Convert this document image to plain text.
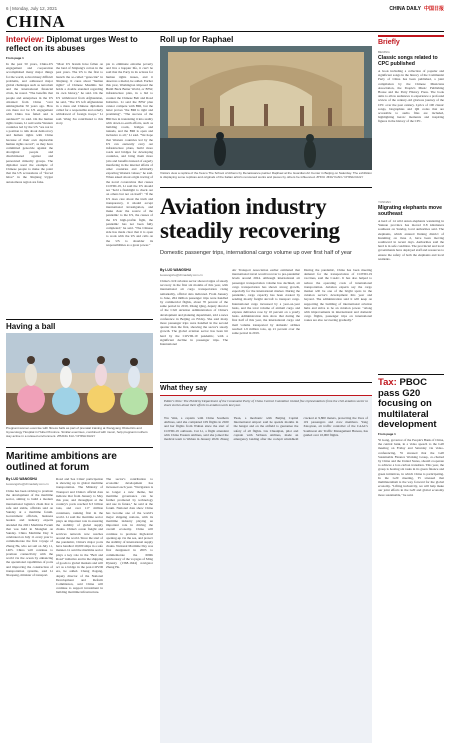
6 | Monday, July 12, 2021	CHINA DAILY 中国日报
CHINA
Interview: Diplomat urges West to reflect on its abuses
From page 1
In the past 50 years, China-US engagement and cooperation accomplished many major things for the world, solved many difficult problems, and addressed major global challenges such as terrorism and the international financial crisis, he noted. "The benefits that people and enterprises in the US obtained from China "over unimaginable 50 years ago. How can there not be US engagement with China has failed and is outdated?" Li said. On the human rights issues, Li said some Western countries led by the US "are not in a position to talk about democracy and human rights with China because of their own deplorable human rights record", as they have committed genocide against the aboriginal people and discriminated against and persecuted minority groups. The diplomat used the example of Chinese people to make the point that the US accusations of "forced labor" in the Xinjiang Uygur autonomous region are false.
"Most US brands have fallen on the land of Xinjiang's cotton in the past years. The US is the first to launch the so-called "genocide" in Xinjiang. It cares about "human rights" of Chinese Muslims but holds a double standard regarding its own history," he said. On the US withdrawal from Afghanistan, he said, "The US left Afghanistan in a mess and Chinese diplomats called for a responsible and orderly withdrawal of foreign troops." Li said. Wang Xu contributed to this story.
ple to eliminate extreme poverty and live a happier life, it can't be said that the Party in its actions for human rights issues, and it deserves a medal, he added. Earlier this year, Washington imposed the Build Back Better World, or B3W, infrastructure plan, in a bid to counter the Chinese Belt and Road Initiative. Li said the B3W plan cannot compete with BRI, but the latter proves "the BRI is right and promising". "The success of the BRI lies in translating it into reality with down-to-earth efforts, such as building roads, bridges and tunnels, and the BRI is open and inclusive to all," Li said. "We hope that Western countries led by the US can earnestly carry out infrastructure plans, build more roads and bridges for developing countries, and bring them more jobs and benefits instead of eagerly interfering in the internal affairs of other countries and arbitrarily exporting Western values," he said. When asked about origin tracing of the novel coronavirus that causes COVID-19, Li said the US should not "hold a flashlight to check out on others but not on itself". "If the US does care about the truth and transparency, it should accept international investigation, and make clear the source of the pandemic to the US, the causes of the US high-profile fight, the pandemic has not been fully completed," he said. "The Chinese side has made clear that it is open to work with the US and calls on the US to shoulder its responsibilities as a great power."
Having a ball
Pregnant women exercise with fitness balls as part of prenatal training at Xiangyang Obstetrics and Gynecology Hospital in Hubei Province. Similar exercises, combined with music, help pregnant mothers stay active in a relaxed environment. ZHANG KAI / CHINA DAILY
Maritime ambitions are outlined at forum
By LUO WANGSHU
luowangshu@chinadaily.com.cn
China has been striving to promote the development of the maritime sector, aiming to build a modern international logistics chain that is safe and stable, officials said on Sunday at a maritime forum. Government officials, business leaders and industry experts attended the 2021 Maritime Forum that was held in Shanghai on Sunday. China Maritime Day is celebrated on July 11 every year to commemorate the first voyage of Zheng He, who set sail on July 11, 1405. China will continue to promote connectivity with the world via the ocean by enhancing the operational capabilities of ports and improving the construction of transportation systems, said Li Xiaopeng, minister of transport.
Road and Sea Cities' participation is showing up in global maritime transportation. The Ministry of Transport and China's official data indicate that from January to May this year, and throughput at the country's ports reached 6.3 billion tons, and over 117 million containers, ranking first in the world. Li said the maritime sector plays an important role in ensuring the stability of global supply chains. China's ocean freight and services network now reaches around the world. Since the start of the pandemic, China's major ports have handled 10,000 ships in a safe manner. Li said the maritime sector plays a key role in the "Belt and Road" initiative and in the shipping of goods to global markets and will act as a bridge in the post-COVID era, he added. Chang Jiagang, deputy director of the National Development and Reform Commission, said China will continue to support investment in building maritime infrastructure.
The sector's contribution to economic development has increased each year. "Navigation is no longer a new theme, but maritime governance can be further promoted by technology and use in future," he said at the forum. National data show China has become one of the world's major shipping nations, with its maritime industry playing an important role in driving the overall economy. China will continue to promote high-level opening-up via the sea, and protect the stability of international supply chains. National Maritime Day was first designated in 2005 to commemorate the 600th anniversary of the voyages of Ming Dynasty (1368-1644) navigator Zheng He.
Roll up for Raphael
Visitors view a replica of the fresco The School of Athens by Renaissance painter Raphael at the Guardian Art Center in Beijing on Saturday. The exhibition is displaying some replicas and originals of the Italian artist's renowned works and pieces by others he influenced. ZHOU JINGYUAN / CHINA DAILY
Aviation industry steadily recovering
Domestic passenger trips, international cargo volume up over first half of year
By LUO WANGSHU
luowangshu@chinadaily.com.cn
China's civil aviation sector showed signs of steady recovery in the first six months of this year, with international air cargo transportation rising remarkably, official data indicated. From January to June, 264 million passenger trips were handled by commercial flights, about 70 percent of the same period in 2019, Zhang Qing, deputy director of the Civil Aviation Administration of China's development and planning department, told a news conference in Beijing on Friday. She said many more passenger trips were handled in the second quarter than the first, showing the sector's steady growth. The global aviation sector has been hit hard by the COVID-19 pandemic, with a significant decline in passenger trips. The International
Air Transport Association earlier estimated that international travel would recover to pre-pandemic levels around 2024. Although international air passenger transportation volume has declined, air cargo transportation has shown strong growth, especially for the international market. During the pandemic, cargo capacity has been created by sending mostly freight aircraft to transport cargo. International cargo increased by a year-on-year basis, and the total volume of airmail cargo and express deliveries rose by 10 percent on a yearly basis. Administration data show that during the first half of this year, the international cargo and mail volume transported by domestic airlines reached 1.9 million tons, up 21 percent over the same period in 2019.
During the pandemic, China has been meeting demand for the transportation of COVID-19 vaccines, said the CAAC. It has also helped to reduce the operating costs of international transportation. Aviation experts say the cargo market will be one of the bright spots in the aviation sector's development this year and beyond. The administration said it will keep on supporting the building of international aviation hubs and strive to be an aviation power. "Along with improvements in international and domestic cargo flights, passenger trips on international routes are also recovering gradually."
What they say
Editor's Note: The Publicity Department of the Communist Party of China Central Committee invited five representatives from the civil aviation sector to share stories about their efforts in aviation work last year.
Wu Wen, a captain with China Southern Airlines, said she completed 109 flights in 2020 and her flights from Wuhan since the start of COVID-19 outbreak. Cui Li, a flight attendant with China Eastern Airlines, said she joined the medical team to Wuhan in January 2020. Zhang Yuan, a mechanic with Beijing Capital International Airport said he spends months in the hangar and on the airfield to guarantee the safety of all flights. Liu Chuanjian, pilot and captain with Sichuan Airlines, made an emergency landing after the cockpit windshield cracked at 9,800 meters, protecting the lives of 119 passengers and crew members. Yang Xiaoyuan, air traffic controller of the CAAC's Southwest Air Traffic Management Bureau, has guided over 10,000 flights.
Briefly
BEIJING
Classic songs related to CPC published
A book including a collection of popular and significant songs in the history of the Communist Party of China has been published, a joint compilation by the Chinese Musicians Association, the People's Music Publishing House and the Party History Press. The book aims to allow audiences to experience a profound review of the century-old glorious journey of the CPC over the past century. Lyrics of 100 classic songs, biographies and QR codes that are accessible to audio files are included, highlighting heroic moments and inspiring figures in the history of the CPC.
YUNNAN
Migrating elephants move southeast
A herd of 14 wild Asian elephants wandering in Yunnan province has moved 0.8 kilometers southeast on Sunday, local authorities said. The elephants, which entered Jinning district of Kunming on June 2, have been moving southward in recent days. Authorities said the herd is in safe condition. The provincial and local governments have deployed staff and resources to ensure the safety of both the elephants and local residents.
Tax: PBOC pass G20 focusing on multilateral development
From page 1
Yi Gang, governor of the People's Bank of China, the central bank, in a video speech to the G20 meeting on Friday and Saturday via video-conferencing, Yi stressed that the G20 Sustainable Finance Working Group, co-chaired by China and the United States, should cooperate to achieve a low-carbon transition. This year, the group is hosting six tasks in its green finance and green initiatives, in which China is participating. In the G20 meeting, Yi stressed that multilateralism is the way forward for the global economy. "Lifting inclusivity, we will help make our joint efforts in the G20 and global economy more sustainable," he said.
